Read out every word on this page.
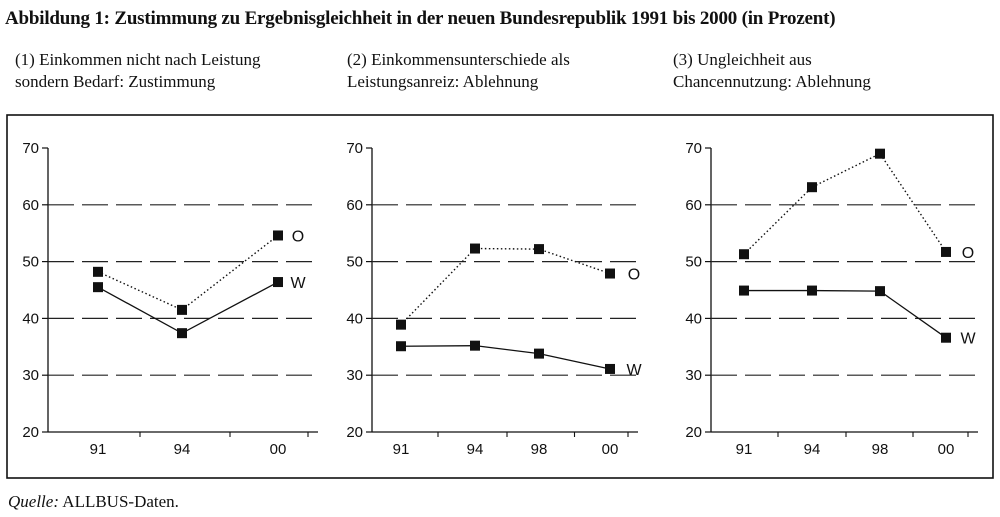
Abbildung 1: Zustimmung zu Ergebnisgleichheit in der neuen Bundesrepublik 1991 bis 2000 (in Prozent)
(1) Einkommen nicht nach Leistung
sondern Bedarf: Zustimmung
(2) Einkommensunterschiede als
Leistungsanreiz: Ablehnung
(3) Ungleichheit aus
Chancennutzung: Ablehnung
20
30
40
50
60
70
91	94	00
O
W
20
30
40
50
60
70
91	94	98	00
O
W
20
30
40
50
60
70
91	94	98	00
O
W
Quelle: ALLBUS-Daten.
